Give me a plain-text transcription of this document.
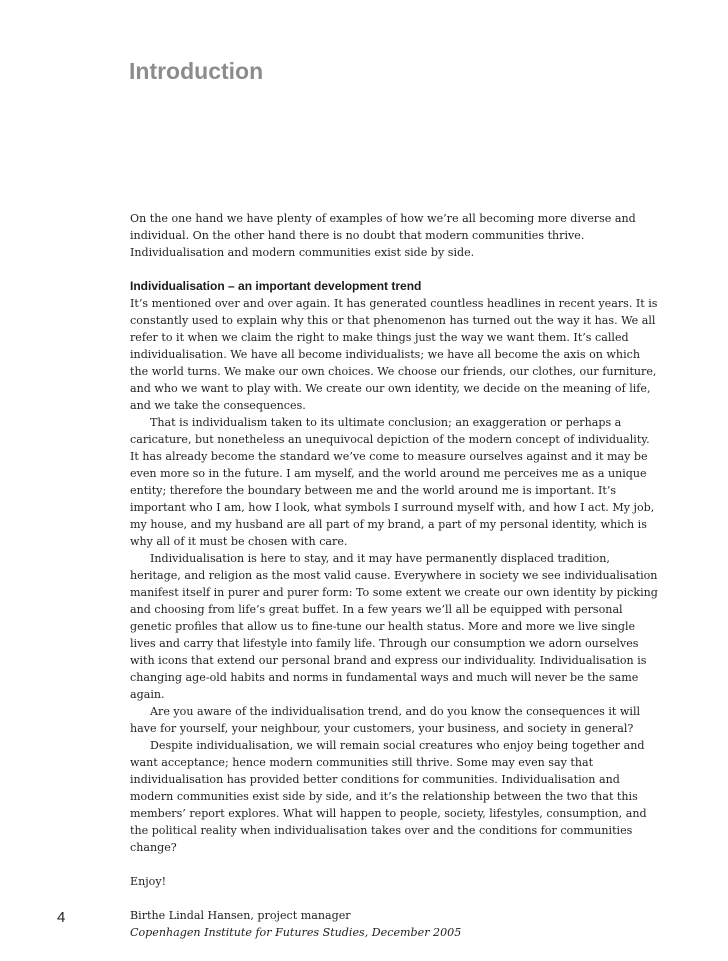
Introduction

On the one hand we have plenty of examples of how we’re all becoming more diverse and individual. On the other hand there is no doubt that modern communities thrive. Individualisation and modern communities exist side by side.

Individualisation – an important development trend

It’s mentioned over and over again. It has generated countless headlines in recent years. It is constantly used to explain why this or that phenomenon has turned out the way it has. We all refer to it when we claim the right to make things just the way we want them. It’s called individualisation. We have all become individualists; we have all become the axis on which the world turns. We make our own choices. We choose our friends, our clothes, our furniture, and who we want to play with. We create our own identity, we decide on the meaning of life, and we take the consequences.

That is individualism taken to its ultimate conclusion; an exaggeration or perhaps a caricature, but nonetheless an unequivocal depiction of the modern concept of individuality. It has already become the standard we’ve come to measure ourselves against and it may be even more so in the future. I am myself, and the world around me perceives me as a unique entity; therefore the boundary between me and the world around me is important. It’s important who I am, how I look, what symbols I surround myself with, and how I act. My job, my house, and my husband are all part of my brand, a part of my personal identity, which is why all of it must be chosen with care.

Individualisation is here to stay, and it may have permanently displaced tradition, heritage, and religion as the most valid cause. Everywhere in society we see individualisation manifest itself in purer and purer form: To some extent we create our own identity by picking and choosing from life’s great buffet. In a few years we’ll all be equipped with personal genetic profiles that allow us to fine-tune our health status. More and more we live single lives and carry that lifestyle into family life. Through our consumption we adorn ourselves with icons that extend our personal brand and express our individuality. Individualisation is changing age-old habits and norms in fundamental ways and much will never be the same again.

Are you aware of the individualisation trend, and do you know the consequences it will have for yourself, your neighbour, your customers, your business, and society in general?

Despite individualisation, we will remain social creatures who enjoy being together and want acceptance; hence modern communities still thrive. Some may even say that individualisation has provided better conditions for communities. Individualisation and modern communities exist side by side, and it’s the relationship between the two that this members’ report explores. What will happen to people, society, lifestyles, consumption, and the political reality when individualisation takes over and the conditions for communities change?

Enjoy!

Birthe Lindal Hansen, project manager

Copenhagen Institute for Futures Studies, December 2005

4
